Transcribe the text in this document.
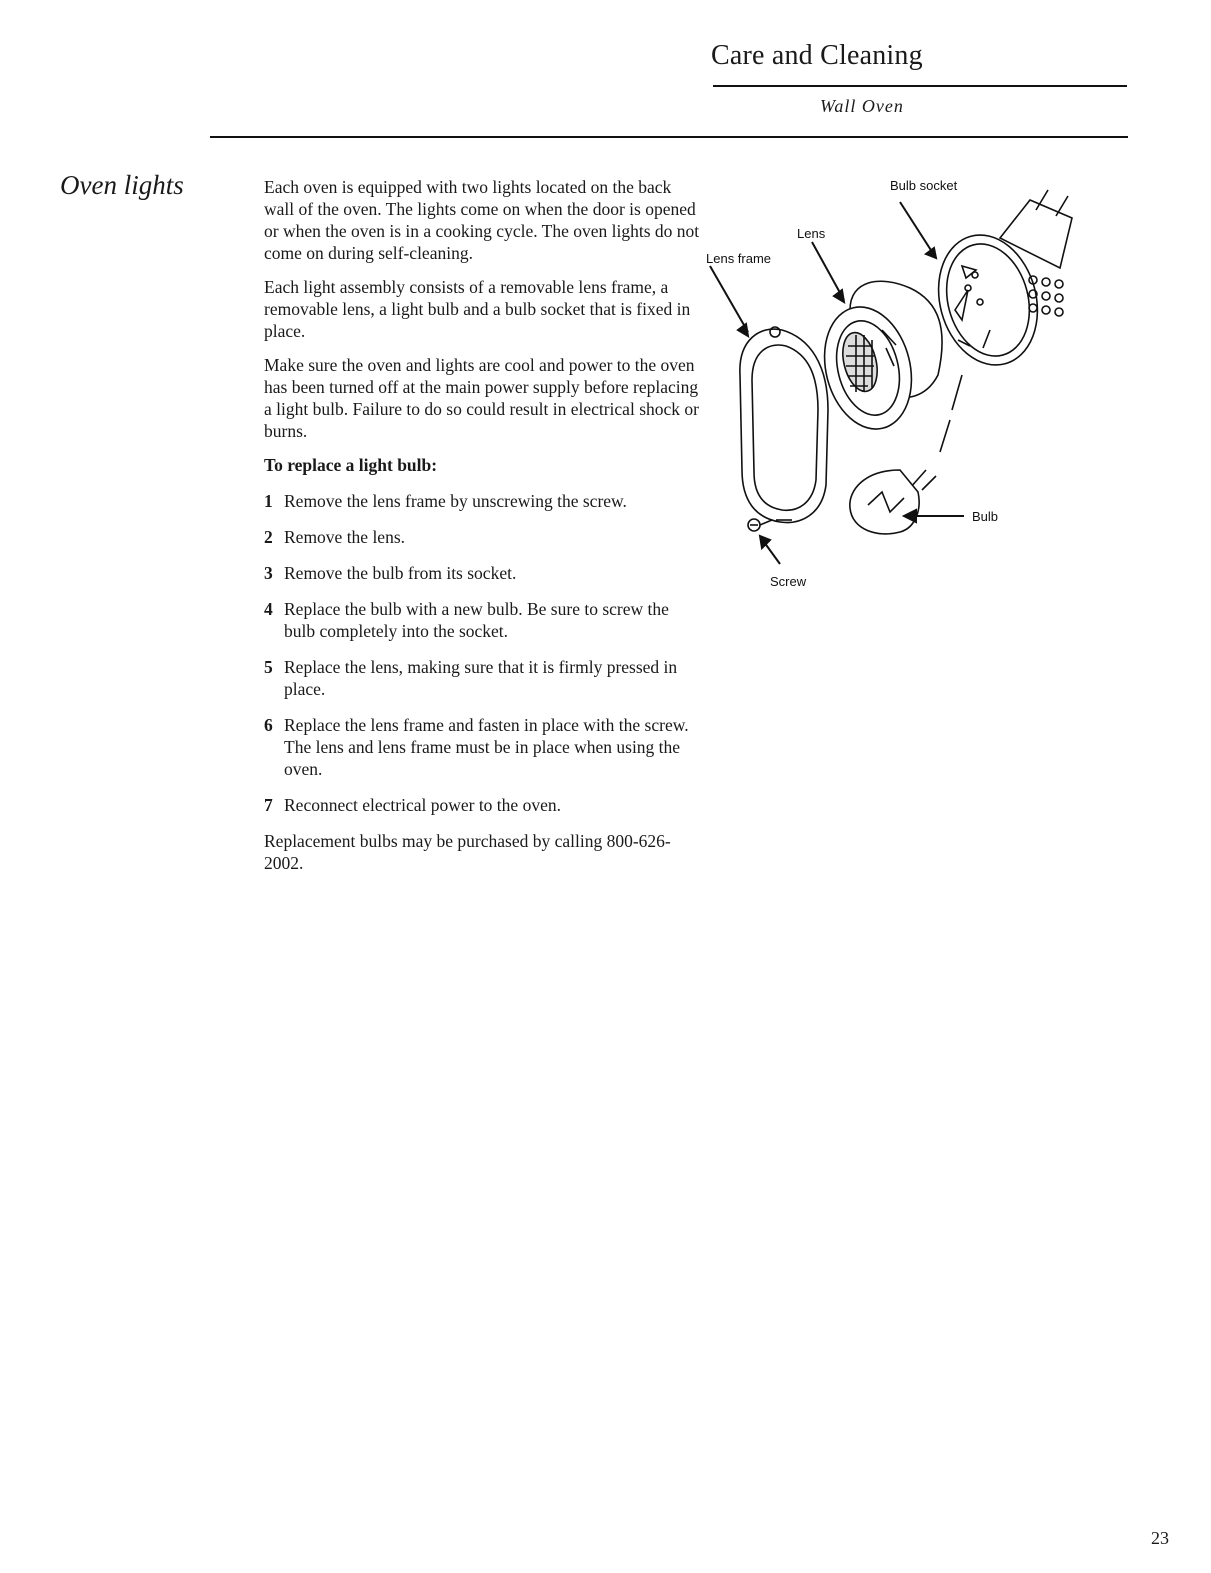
Care and Cleaning
Wall Oven
Oven lights	Each oven is equipped with two lights located on the back wall of the oven. The lights come on when the door is opened or when the oven is in a cooking cycle. The oven lights do not come on during self-cleaning.

Each light assembly consists of a removable lens frame, a removable lens, a light bulb and a bulb socket that is fixed in place.

Make sure the oven and lights are cool and power to the oven has been turned off at the main power supply before replacing a light bulb. Failure to do so could result in electrical shock or burns.

To replace a light bulb:
1 Remove the lens frame by unscrewing the screw.
2 Remove the lens.
3 Remove the bulb from its socket.
4 Replace the bulb with a new bulb. Be sure to screw the bulb completely into the socket.
5 Replace the lens, making sure that it is firmly pressed in place.
6 Replace the lens frame and fasten in place with the screw. The lens and lens frame must be in place when using the oven.
7 Reconnect electrical power to the oven.

Replacement bulbs may be purchased by calling 800-626-2002.

Bulb socket
Lens
Lens frame
Bulb
Screw
23
